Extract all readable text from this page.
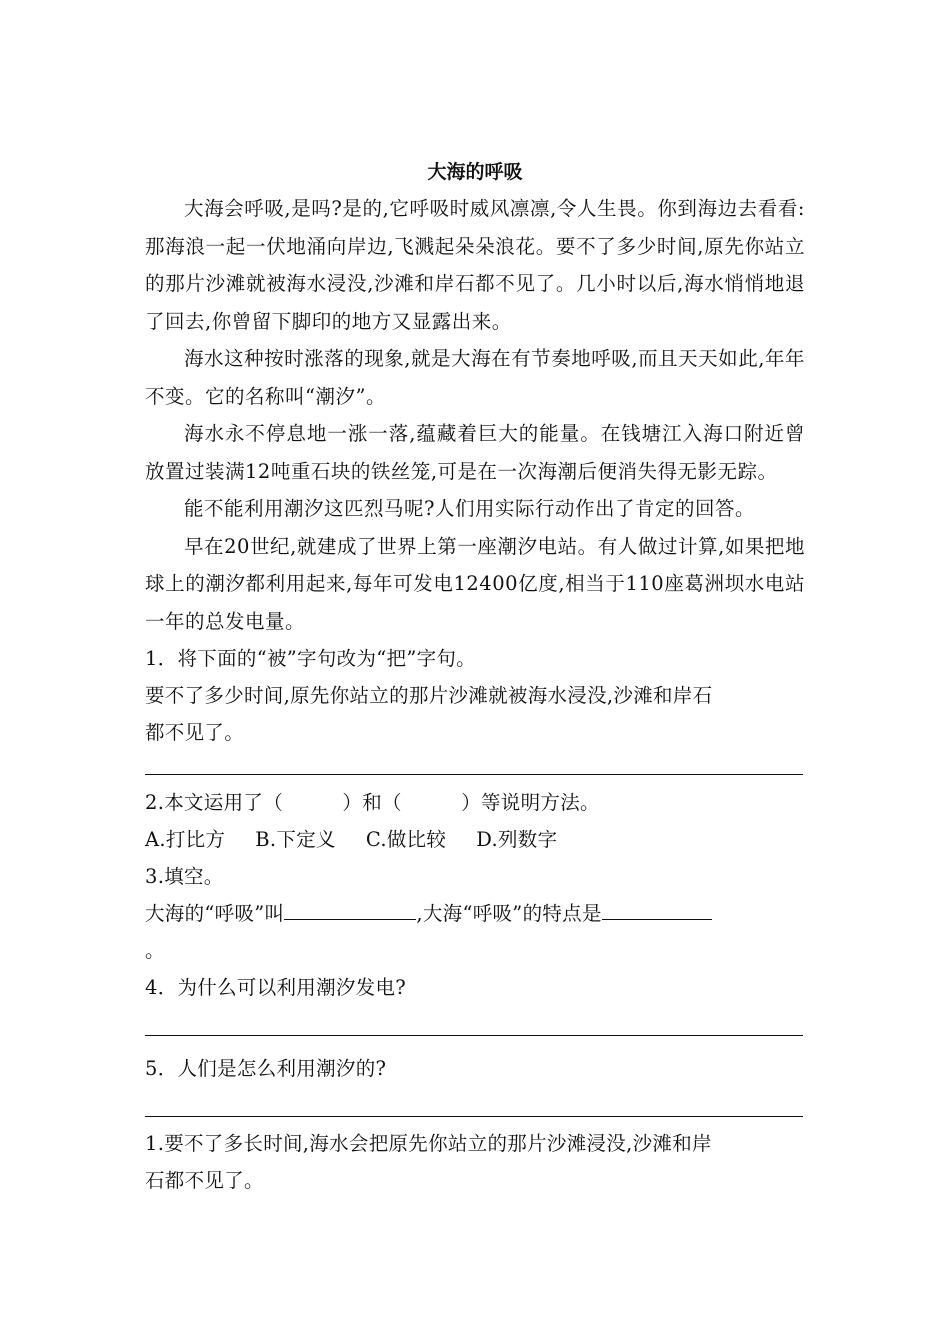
大海的呼吸

大海会呼吸,是吗?是的,它呼吸时威风凛凛,令人生畏。你到海边去看看:那海浪一起一伏地涌向岸边,飞溅起朵朵浪花。要不了多少时间,原先你站立的那片沙滩就被海水浸没,沙滩和岸石都不见了。几小时以后,海水悄悄地退了回去,你曾留下脚印的地方又显露出来。

海水这种按时涨落的现象,就是大海在有节奏地呼吸,而且天天如此,年年不变。它的名称叫“潮汐”。

海水永不停息地一涨一落,蕴藏着巨大的能量。在钱塘江入海口附近曾放置过装满12吨重石块的铁丝笼,可是在一次海潮后便消失得无影无踪。

能不能利用潮汐这匹烈马呢?人们用实际行动作出了肯定的回答。

早在20世纪,就建成了世界上第一座潮汐电站。有人做过计算,如果把地球上的潮汐都利用起来,每年可发电12400亿度,相当于110座葛洲坝水电站一年的总发电量。

1．将下面的“被”字句改为“把”字句。

要不了多少时间,原先你站立的那片沙滩就被海水浸没,沙滩和岸石

都不见了。

2.本文运用了（　　　）和（　　　）等说明方法。

A.打比方 B.下定义 C.做比较 D.列数字

3.填空。

大海的“呼吸”叫	,大海“呼吸”的特点是

。

4．为什么可以利用潮汐发电?

5．人们是怎么利用潮汐的?

1.要不了多长时间,海水会把原先你站立的那片沙滩浸没,沙滩和岸

石都不见了。
